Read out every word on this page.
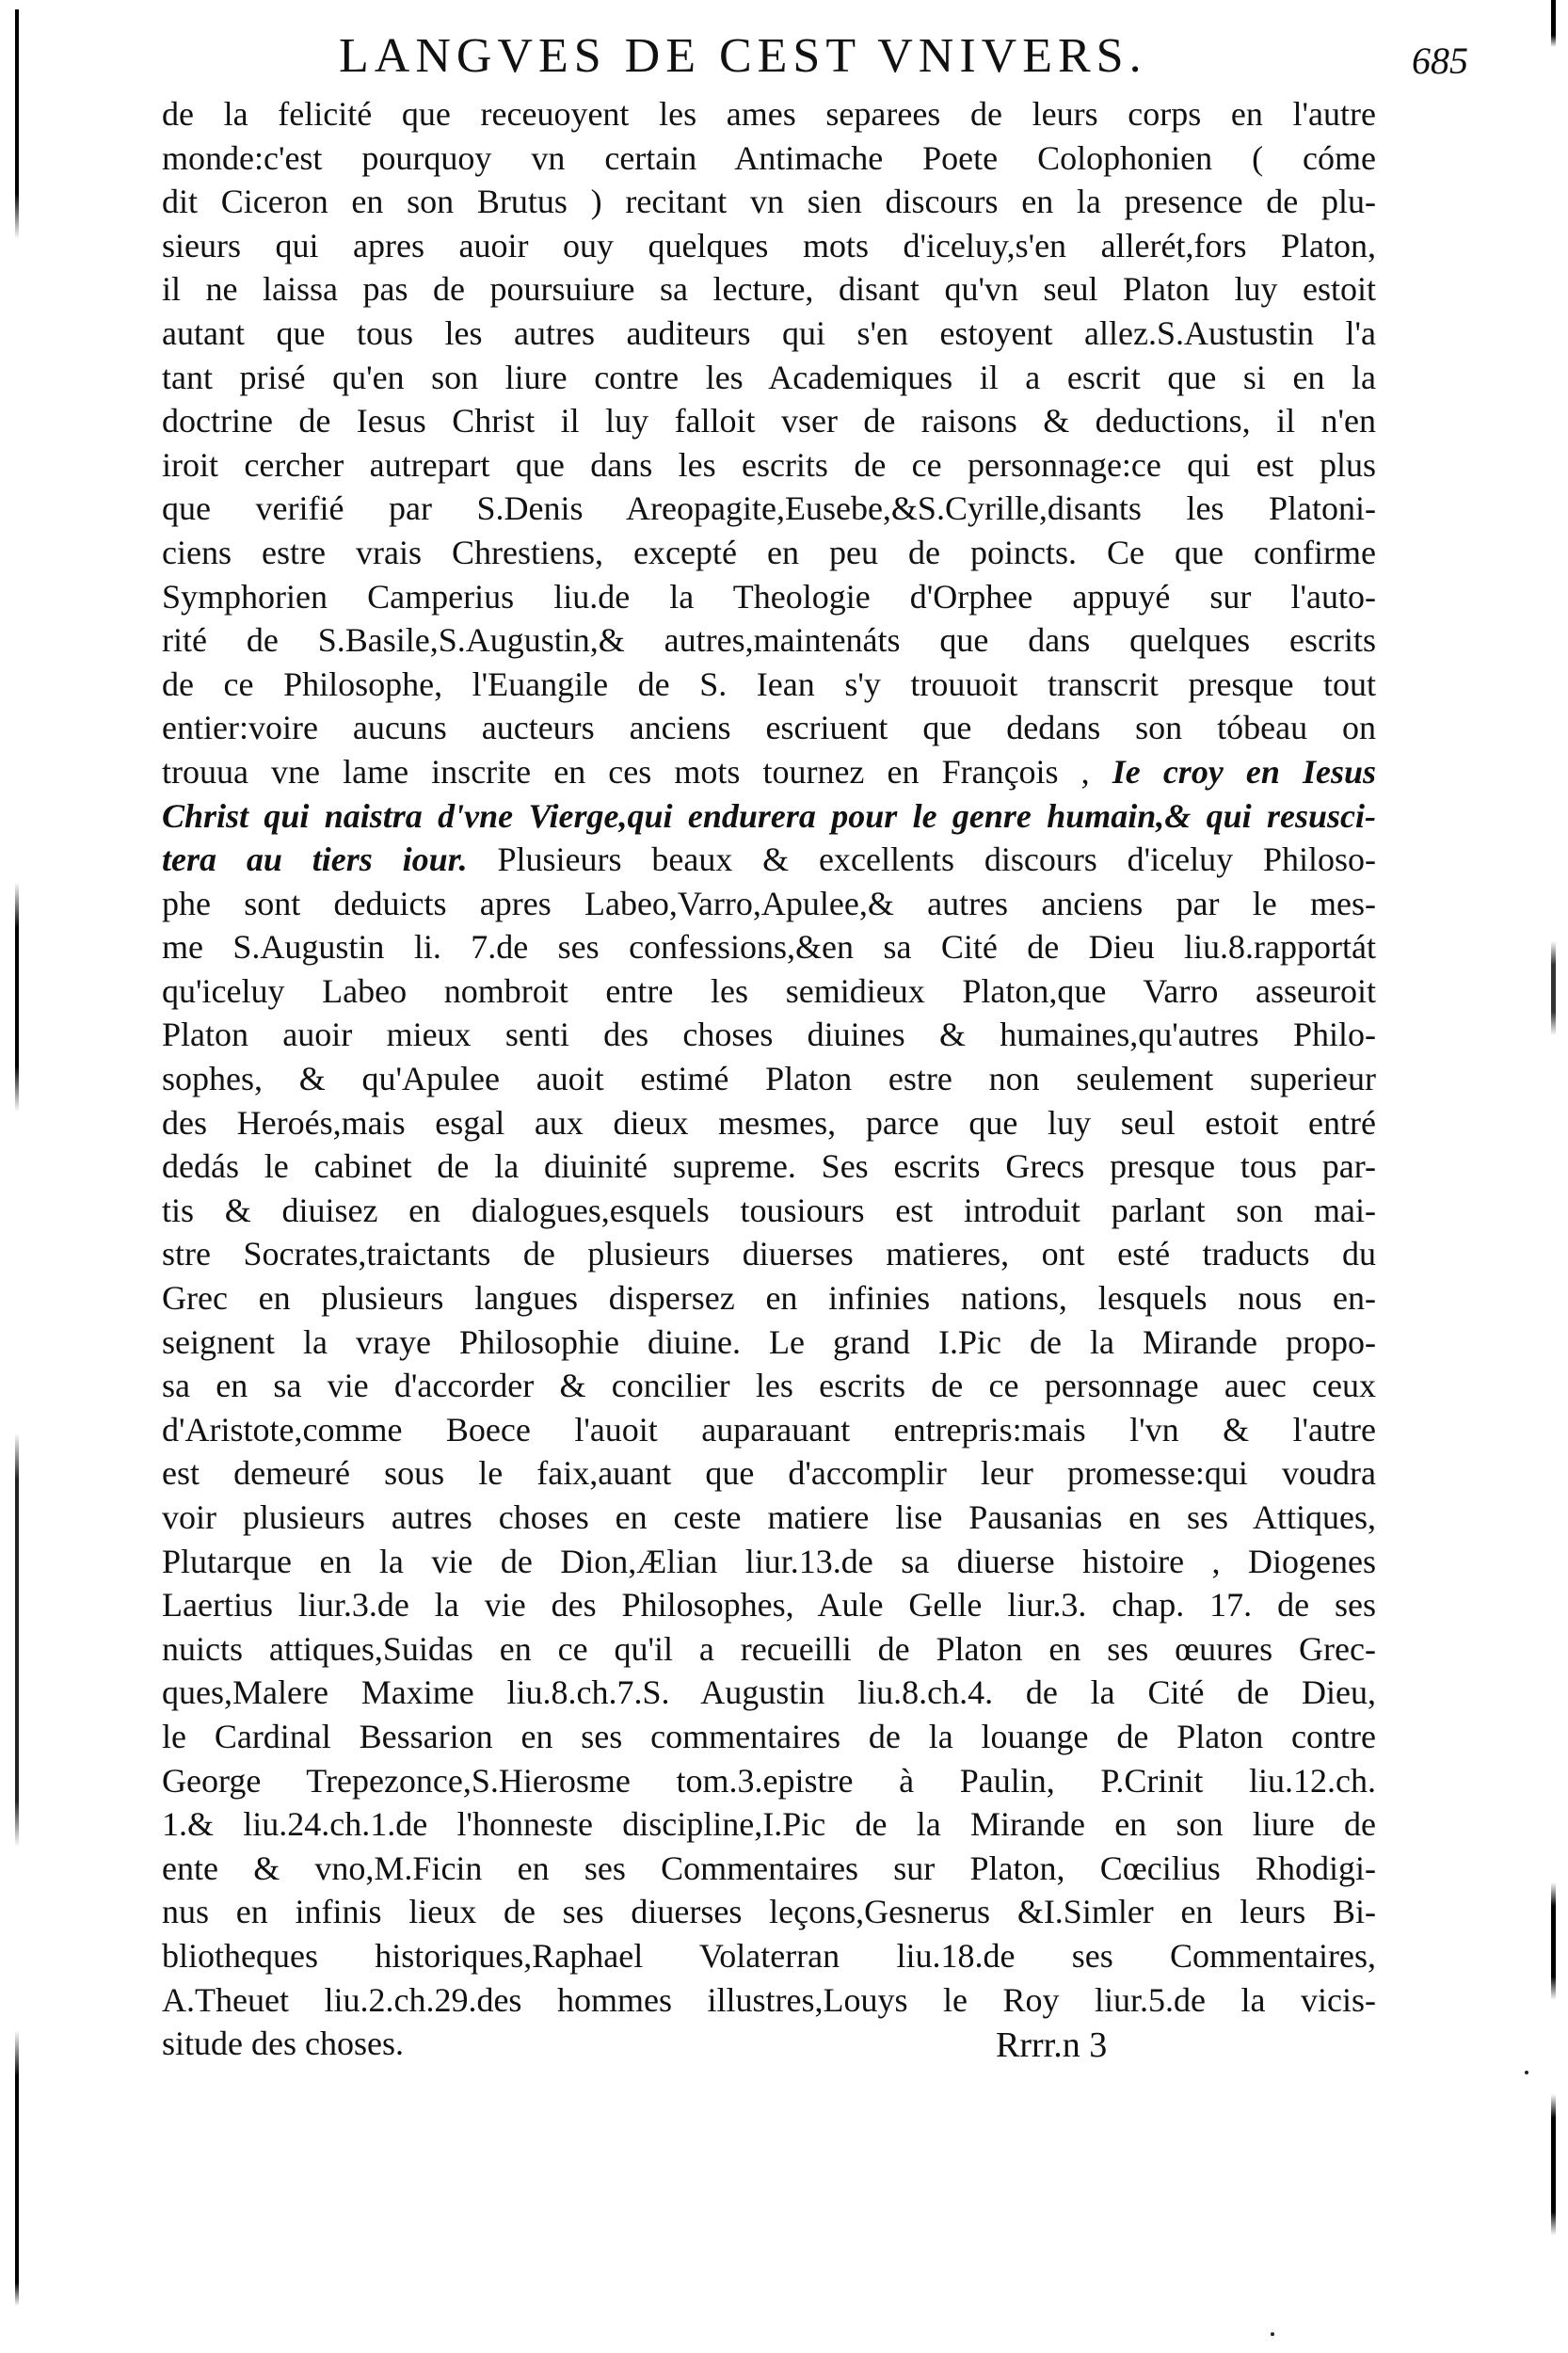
LANGVES DE CEST VNIVERS.	685
de la felicité que receuoyent les ames separees de leurs corps en l'autre
monde:c'est pourquoy vn certain Antimache Poete Colophonien ( cóme
dit Ciceron en son Brutus ) recitant vn sien discours en la presence de plu-
sieurs qui apres auoir ouy quelques mots d'iceluy,s'en allerét,fors Platon,
il ne laissa pas de poursuiure sa lecture, disant qu'vn seul Platon luy estoit
autant que tous les autres auditeurs qui s'en estoyent allez.S.Austustin l'a
tant prisé qu'en son liure contre les Academiques il a escrit que si en la
doctrine de Iesus Christ il luy falloit vser de raisons & deductions, il n'en
iroit cercher autrepart que dans les escrits de ce personnage:ce qui est plus
que verifié par S.Denis Areopagite,Eusebe,&S.Cyrille,disants les Platoni-
ciens estre vrais Chrestiens, excepté en peu de poincts. Ce que confirme
Symphorien Camperius liu.de la Theologie d'Orphee appuyé sur l'auto-
rité de S.Basile,S.Augustin,& autres,maintenáts que dans quelques escrits
de ce Philosophe, l'Euangile de S. Iean s'y trouuoit transcrit presque tout
entier:voire aucuns aucteurs anciens escriuent que dedans son tóbeau on
trouua vne lame inscrite en ces mots tournez en François , Ie croy en Iesus
Christ qui naistra d'vne Vierge,qui endurera pour le genre humain,& qui resusci-
tera au tiers iour. Plusieurs beaux & excellents discours d'iceluy Philoso-
phe sont deduicts apres Labeo,Varro,Apulee,& autres anciens par le mes-
me S.Augustin li. 7.de ses confessions,&en sa Cité de Dieu liu.8.rapportát
qu'iceluy Labeo nombroit entre les semidieux Platon,que Varro asseuroit
Platon auoir mieux senti des choses diuines & humaines,qu'autres Philo-
sophes, & qu'Apulee auoit estimé Platon estre non seulement superieur
des Heroés,mais esgal aux dieux mesmes, parce que luy seul estoit entré
dedás le cabinet de la diuinité supreme. Ses escrits Grecs presque tous par-
tis & diuisez en dialogues,esquels tousiours est introduit parlant son mai-
stre Socrates,traictants de plusieurs diuerses matieres, ont esté traducts du
Grec en plusieurs langues dispersez en infinies nations, lesquels nous en-
seignent la vraye Philosophie diuine. Le grand I.Pic de la Mirande propo-
sa en sa vie d'accorder & concilier les escrits de ce personnage auec ceux
d'Aristote,comme Boece l'auoit auparauant entrepris:mais l'vn & l'autre
est demeuré sous le faix,auant que d'accomplir leur promesse:qui voudra
voir plusieurs autres choses en ceste matiere lise Pausanias en ses Attiques,
Plutarque en la vie de Dion,Ælian liur.13.de sa diuerse histoire , Diogenes
Laertius liur.3.de la vie des Philosophes, Aule Gelle liur.3. chap. 17. de ses
nuicts attiques,Suidas en ce qu'il a recueilli de Platon en ses œuures Grec-
ques,Malere Maxime liu.8.ch.7.S. Augustin liu.8.ch.4. de la Cité de Dieu,
le Cardinal Bessarion en ses commentaires de la louange de Platon contre
George Trepezonce,S.Hierosme tom.3.epistre à Paulin, P.Crinit liu.12.ch.
1.& liu.24.ch.1.de l'honneste discipline,I.Pic de la Mirande en son liure de
ente & vno,M.Ficin en ses Commentaires sur Platon, Cœcilius Rhodigi-
nus en infinis lieux de ses diuerses leçons,Gesnerus &I.Simler en leurs Bi-
bliotheques historiques,Raphael Volaterran liu.18.de ses Commentaires,
A.Theuet liu.2.ch.29.des hommes illustres,Louys le Roy liur.5.de la vicis-
situde des choses.	Rrrr.n 3
